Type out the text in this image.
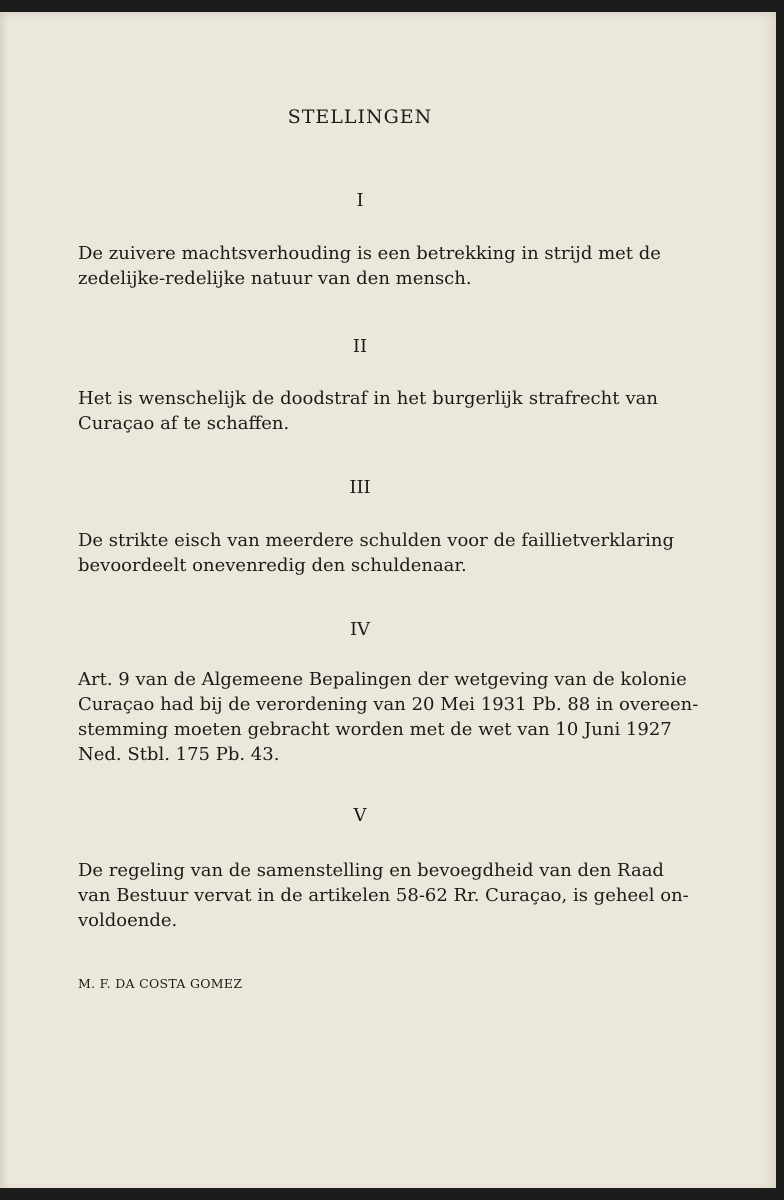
STELLINGEN
I
De zuivere machtsverhouding is een betrekking in strijd met de
zedelijke-redelijke natuur van den mensch.
II
Het is wenschelijk de doodstraf in het burgerlijk strafrecht van
Curaçao af te schaffen.
III
De strikte eisch van meerdere schulden voor de faillietverklaring
bevoordeelt onevenredig den schuldenaar.
IV
Art. 9 van de Algemeene Bepalingen der wetgeving van de kolonie
Curaçao had bij de verordening van 20 Mei 1931 Pb. 88 in overeen-
stemming moeten gebracht worden met de wet van 10 Juni 1927
Ned. Stbl. 175 Pb. 43.
V
De regeling van de samenstelling en bevoegdheid van den Raad
van Bestuur vervat in de artikelen 58-62 Rr. Curaçao, is geheel on-
voldoende.
M. F. DA COSTA GOMEZ
